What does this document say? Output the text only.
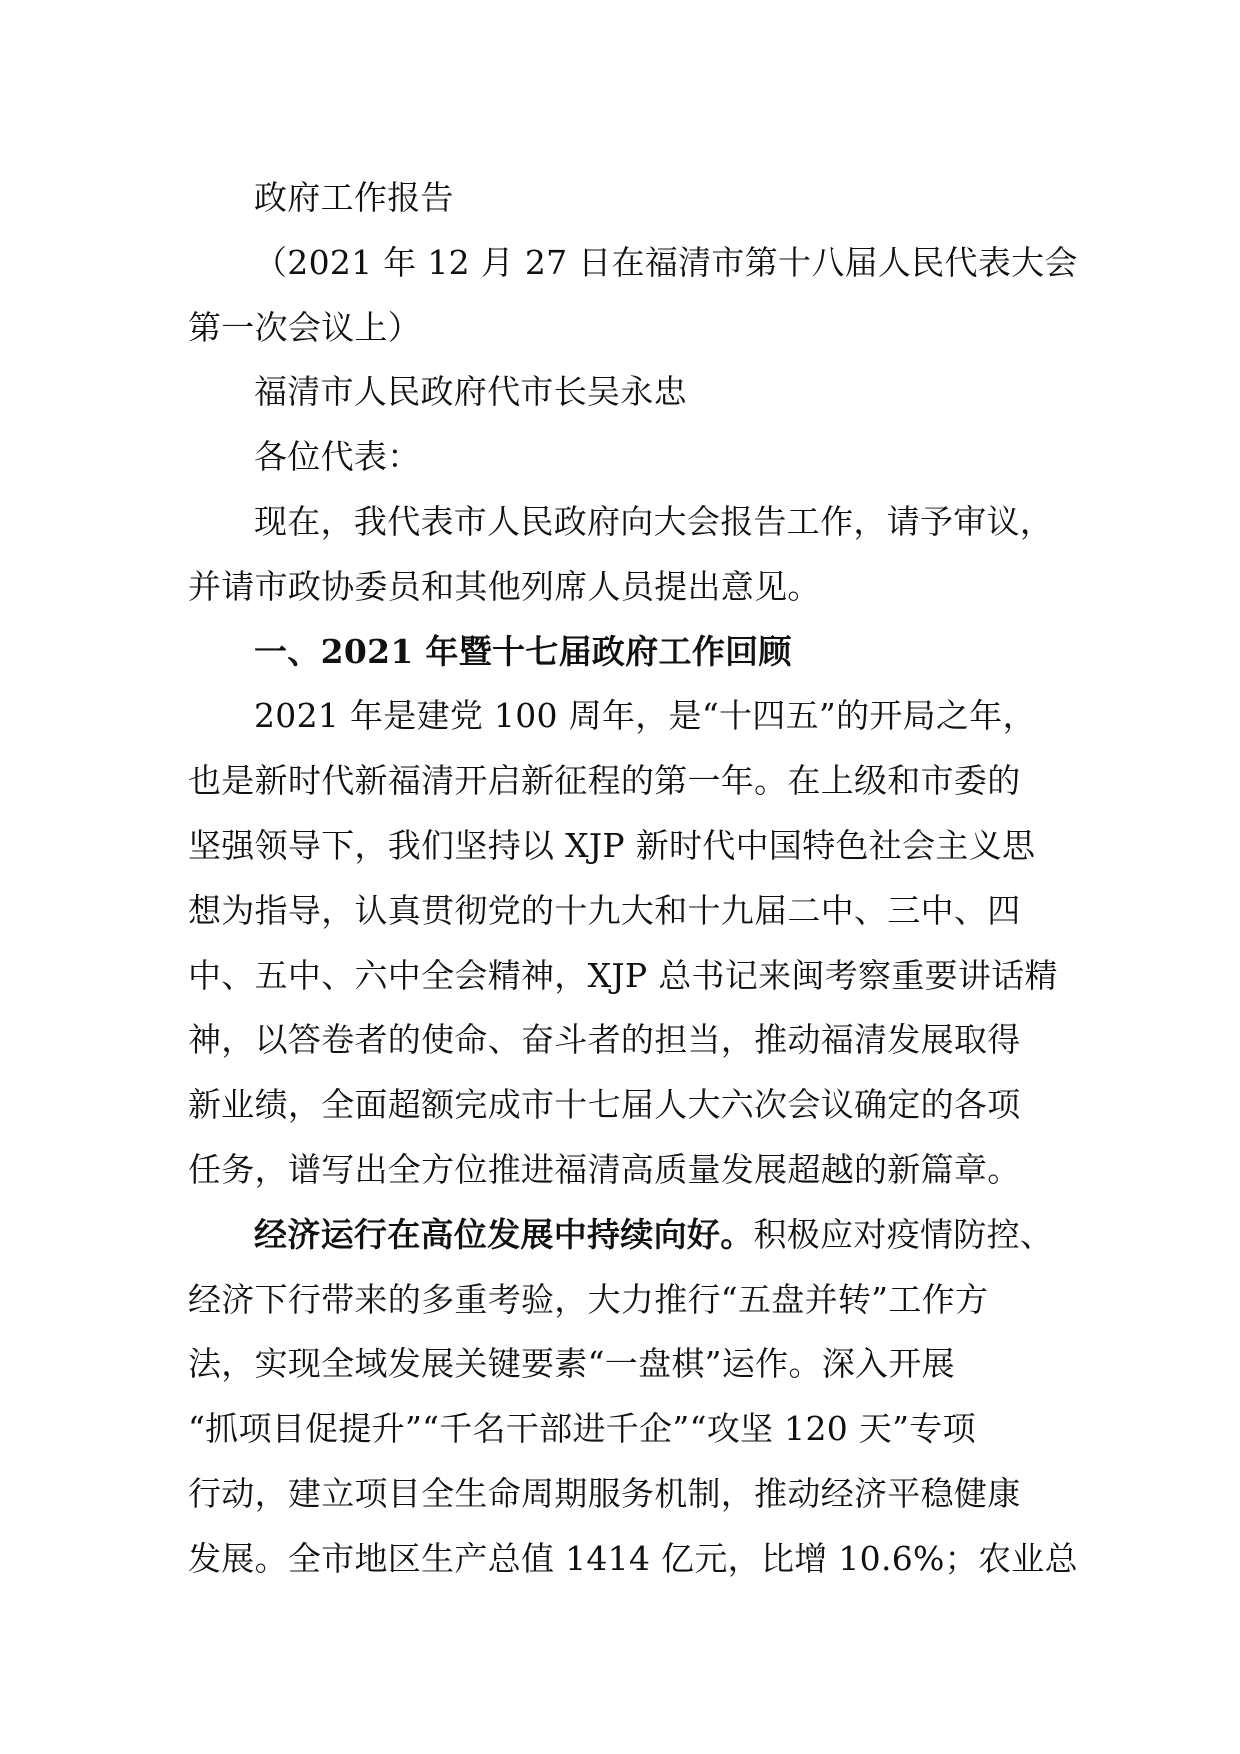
政府工作报告

（2021 年 12 月 27 日在福清市第十八届人民代表大会

第一次会议上）

福清市人民政府代市长吴永忠

各位代表：

现在，我代表市人民政府向大会报告工作，请予审议，

并请市政协委员和其他列席人员提出意见。

一、2021 年暨十七届政府工作回顾

2021 年是建党 100 周年，是“十四五”的开局之年，

也是新时代新福清开启新征程的第一年。在上级和市委的

坚强领导下，我们坚持以 XJP 新时代中国特色社会主义思

想为指导，认真贯彻党的十九大和十九届二中、三中、四

中、五中、六中全会精神，XJP 总书记来闽考察重要讲话精

神，以答卷者的使命、奋斗者的担当，推动福清发展取得

新业绩，全面超额完成市十七届人大六次会议确定的各项

任务，谱写出全方位推进福清高质量发展超越的新篇章。

经济运行在高位发展中持续向好。积极应对疫情防控、

经济下行带来的多重考验，大力推行“五盘并转”工作方

法，实现全域发展关键要素“一盘棋”运作。深入开展

“抓项目促提升”“千名干部进千企”“攻坚 120 天”专项

行动，建立项目全生命周期服务机制，推动经济平稳健康

发展。全市地区生产总值 1414 亿元，比增 10.6%；农业总
